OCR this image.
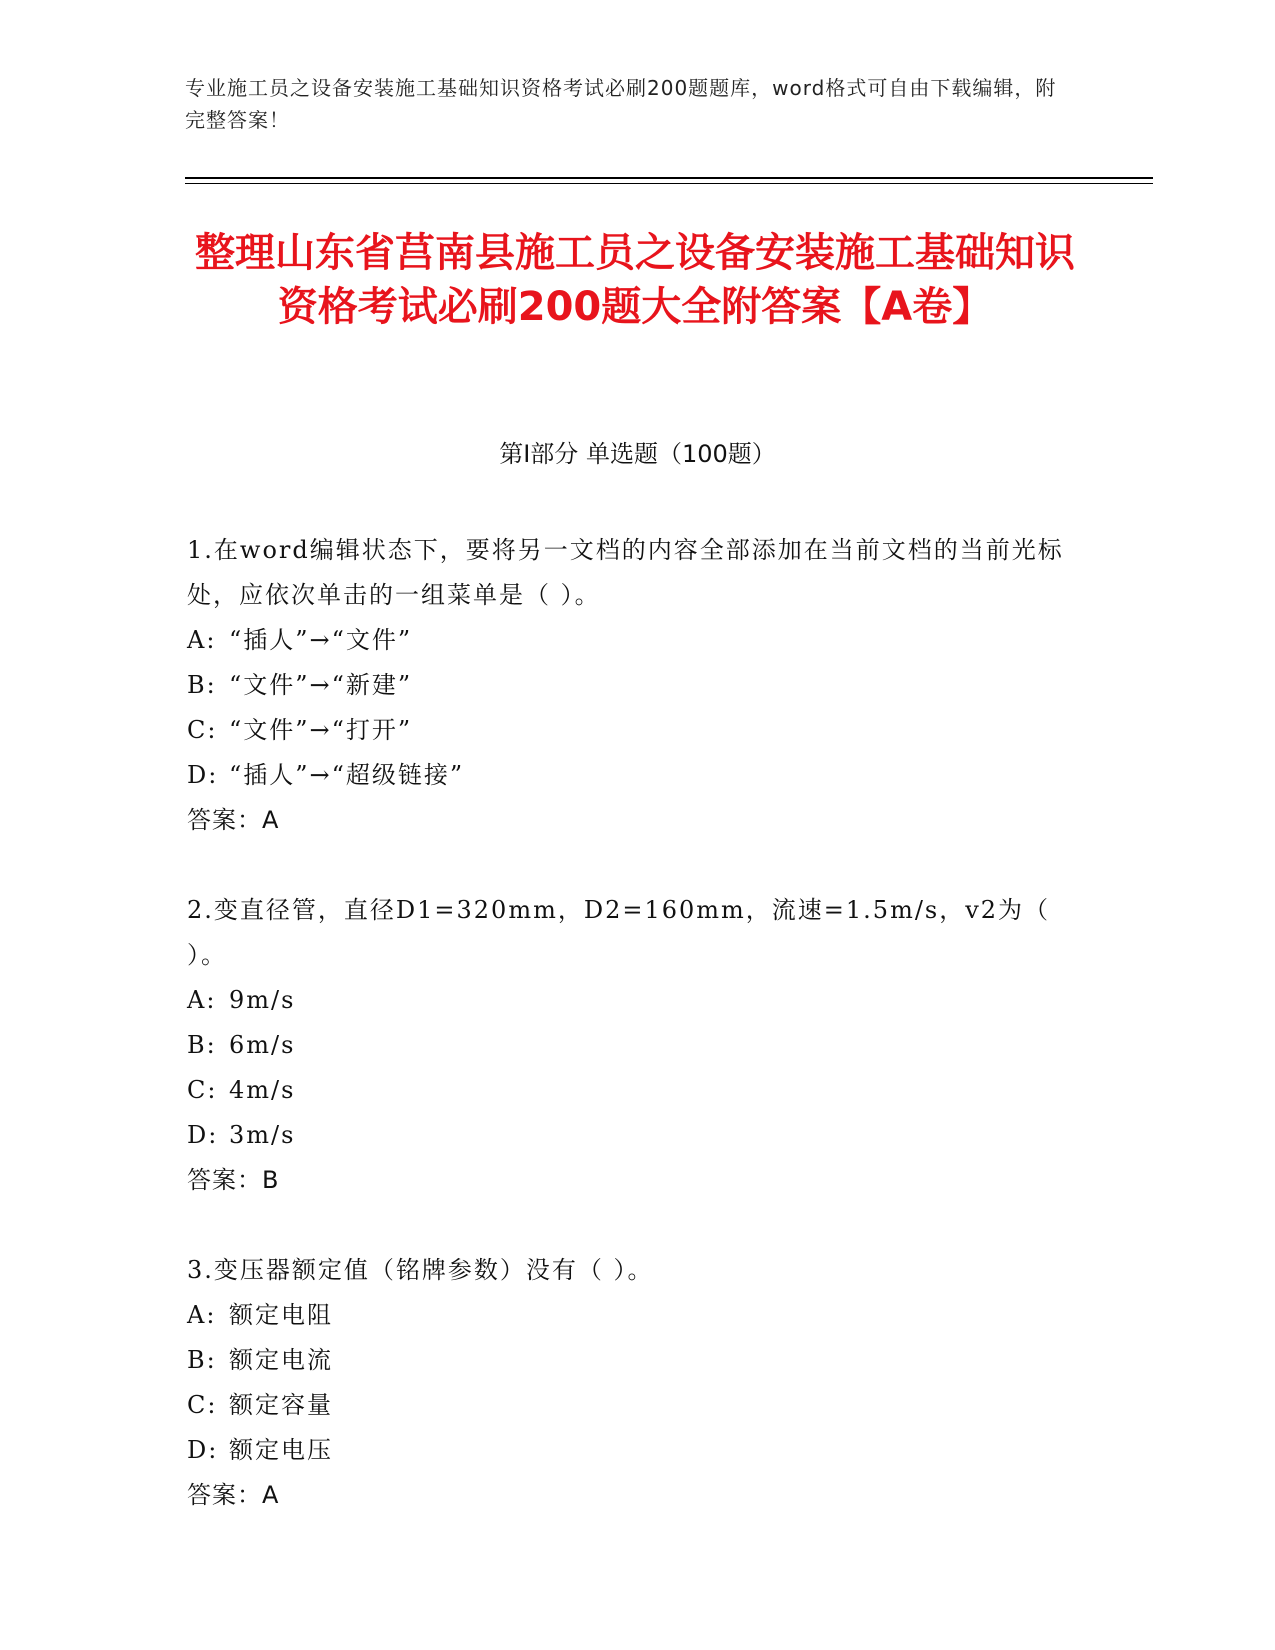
专业施工员之设备安装施工基础知识资格考试必刷200题题库，word格式可自由下载编辑，附完整答案！
整理山东省莒南县施工员之设备安装施工基础知识资格考试必刷200题大全附答案【A卷】
第Ⅰ部分 单选题（100题）
1.在word编辑状态下，要将另一文档的内容全部添加在当前文档的当前光标处，应依次单击的一组菜单是（ ）。
A: “插人”→“文件”
B: “文件”→“新建”
C: “文件”→“打开”
D: “插人”→“超级链接”
答案：A
2.变直径管，直径D1=320mm，D2=160mm，流速=1.5m/s，v2为（ ）。
A: 9m/s
B: 6m/s
C: 4m/s
D: 3m/s
答案：B
3.变压器额定值（铭牌参数）没有（ ）。
A: 额定电阻
B: 额定电流
C: 额定容量
D: 额定电压
答案：A
